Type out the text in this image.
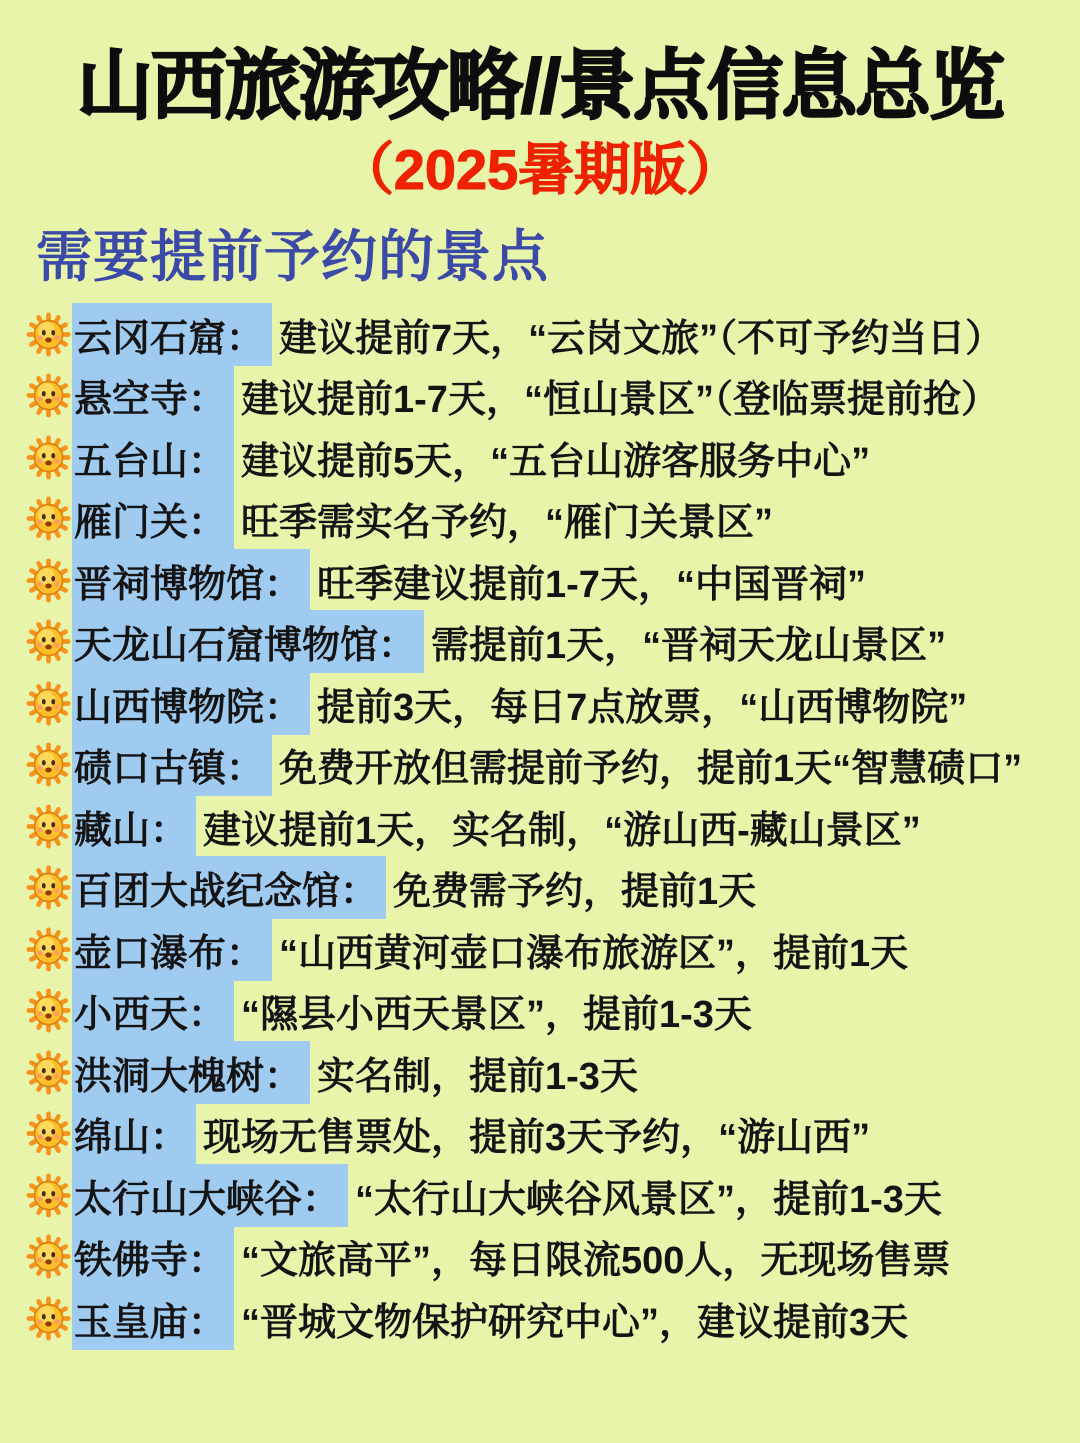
山西旅游攻略//景点信息总览
（2025暑期版）
需要提前予约的景点
云冈石窟： 建议提前7天，“云岗文旅”（不可予约当日）
悬空寺： 建议提前1-7天，“恒山景区”（登临票提前抢）
五台山： 建议提前5天，“五台山游客服务中心”
雁门关： 旺季需实名予约，“雁门关景区”
晋祠博物馆： 旺季建议提前1-7天，“中国晋祠”
天龙山石窟博物馆： 需提前1天，“晋祠天龙山景区”
山西博物院： 提前3天，每日7点放票，“山西博物院”
碛口古镇： 免费开放但需提前予约，提前1天“智慧碛口”
藏山： 建议提前1天，实名制，“游山西-藏山景区”
百团大战纪念馆： 免费需予约，提前1天
壶口瀑布： “山西黄河壶口瀑布旅游区”，提前1天
小西天： “隰县小西天景区”，提前1-3天
洪洞大槐树： 实名制，提前1-3天
绵山： 现场无售票处，提前3天予约，“游山西”
太行山大峡谷： “太行山大峡谷风景区”，提前1-3天
铁佛寺： “文旅高平”，每日限流500人，无现场售票
玉皇庙： “晋城文物保护研究中心”，建议提前3天
